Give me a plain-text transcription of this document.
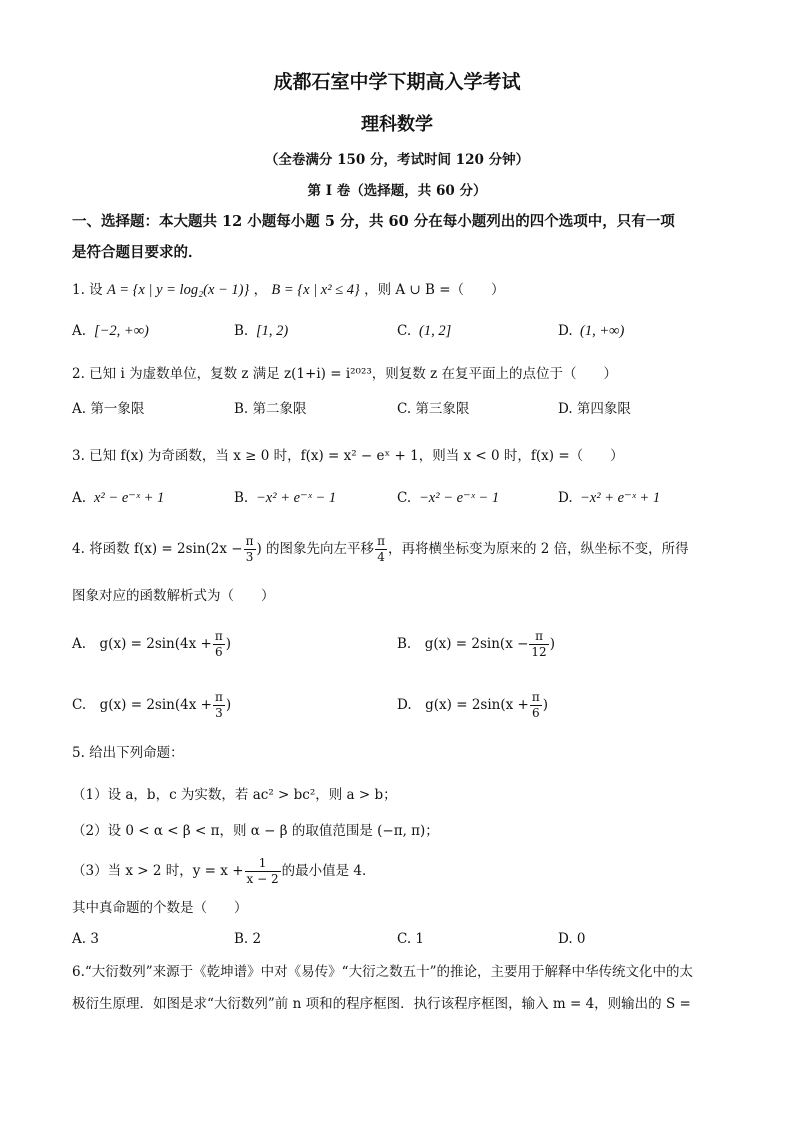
成都石室中学下期高入学考试
理科数学
（全卷满分 150 分，考试时间 120 分钟）
第 I 卷（选择题，共 60 分）
一、选择题：本大题共 12 小题每小题 5 分，共 60 分在每小题列出的四个选项中，只有一项
是符合题目要求的．
1. 设 A = {x | y = log₂(x − 1)} ， B = {x | x² ≤ 4} ，则 A ∪ B =（　　）
A. [−2, +∞)	B. [1, 2)	C. (1, 2]	D. (1, +∞)
2. 已知 i 为虚数单位，复数 z 满足 z(1+i) = i²⁰²³，则复数 z 在复平面上的点位于（　　）
A. 第一象限	B. 第二象限	C. 第三象限	D. 第四象限
3. 已知 f(x) 为奇函数，当 x ≥ 0 时，f(x) = x² − eˣ + 1，则当 x < 0 时，f(x) =（　　）
A. x² − e⁻ˣ + 1	B. −x² + e⁻ˣ − 1	C. −x² − e⁻ˣ − 1	D. −x² + e⁻ˣ + 1
4. 将函数 $f(x) = 2\sin(2x - \frac{\pi}{3}$ ) 的图象先向左平移 $\frac{\pi}{4}$ ，再将横坐标变为原来的 2 倍，纵坐标不变，所得
图象对应的函数解析式为（　　）
A.　$g(x) = 2\sin(4x + \frac{\pi}{6}$ )	B.　$g(x) = 2\sin(x - \frac{\pi}{12}$ )
C.　$g(x) = 2\sin(4x + \frac{\pi}{3}$ )	D.　$g(x) = 2\sin(x + \frac{\pi}{6}$ )
5. 给出下列命题：
（1）设 a，b，c 为实数，若 ac² > bc²，则 a > b；
（2）设 0 < α < β < π，则 α − β 的取值范围是 (−π, π)；
（3）当 x > 2 时，$y = x + \frac{1}{x - 2}$ 的最小值是 4．
其中真命题的个数是（　　）
A. 3	B. 2	C. 1	D. 0
6.“大衍数列”来源于《乾坤谱》中对《易传》“大衍之数五十”的推论，主要用于解释中华传统文化中的太
极衍生原理．如图是求“大衍数列”前 n 项和的程序框图．执行该程序框图，输入 m = 4，则输出的 S =
